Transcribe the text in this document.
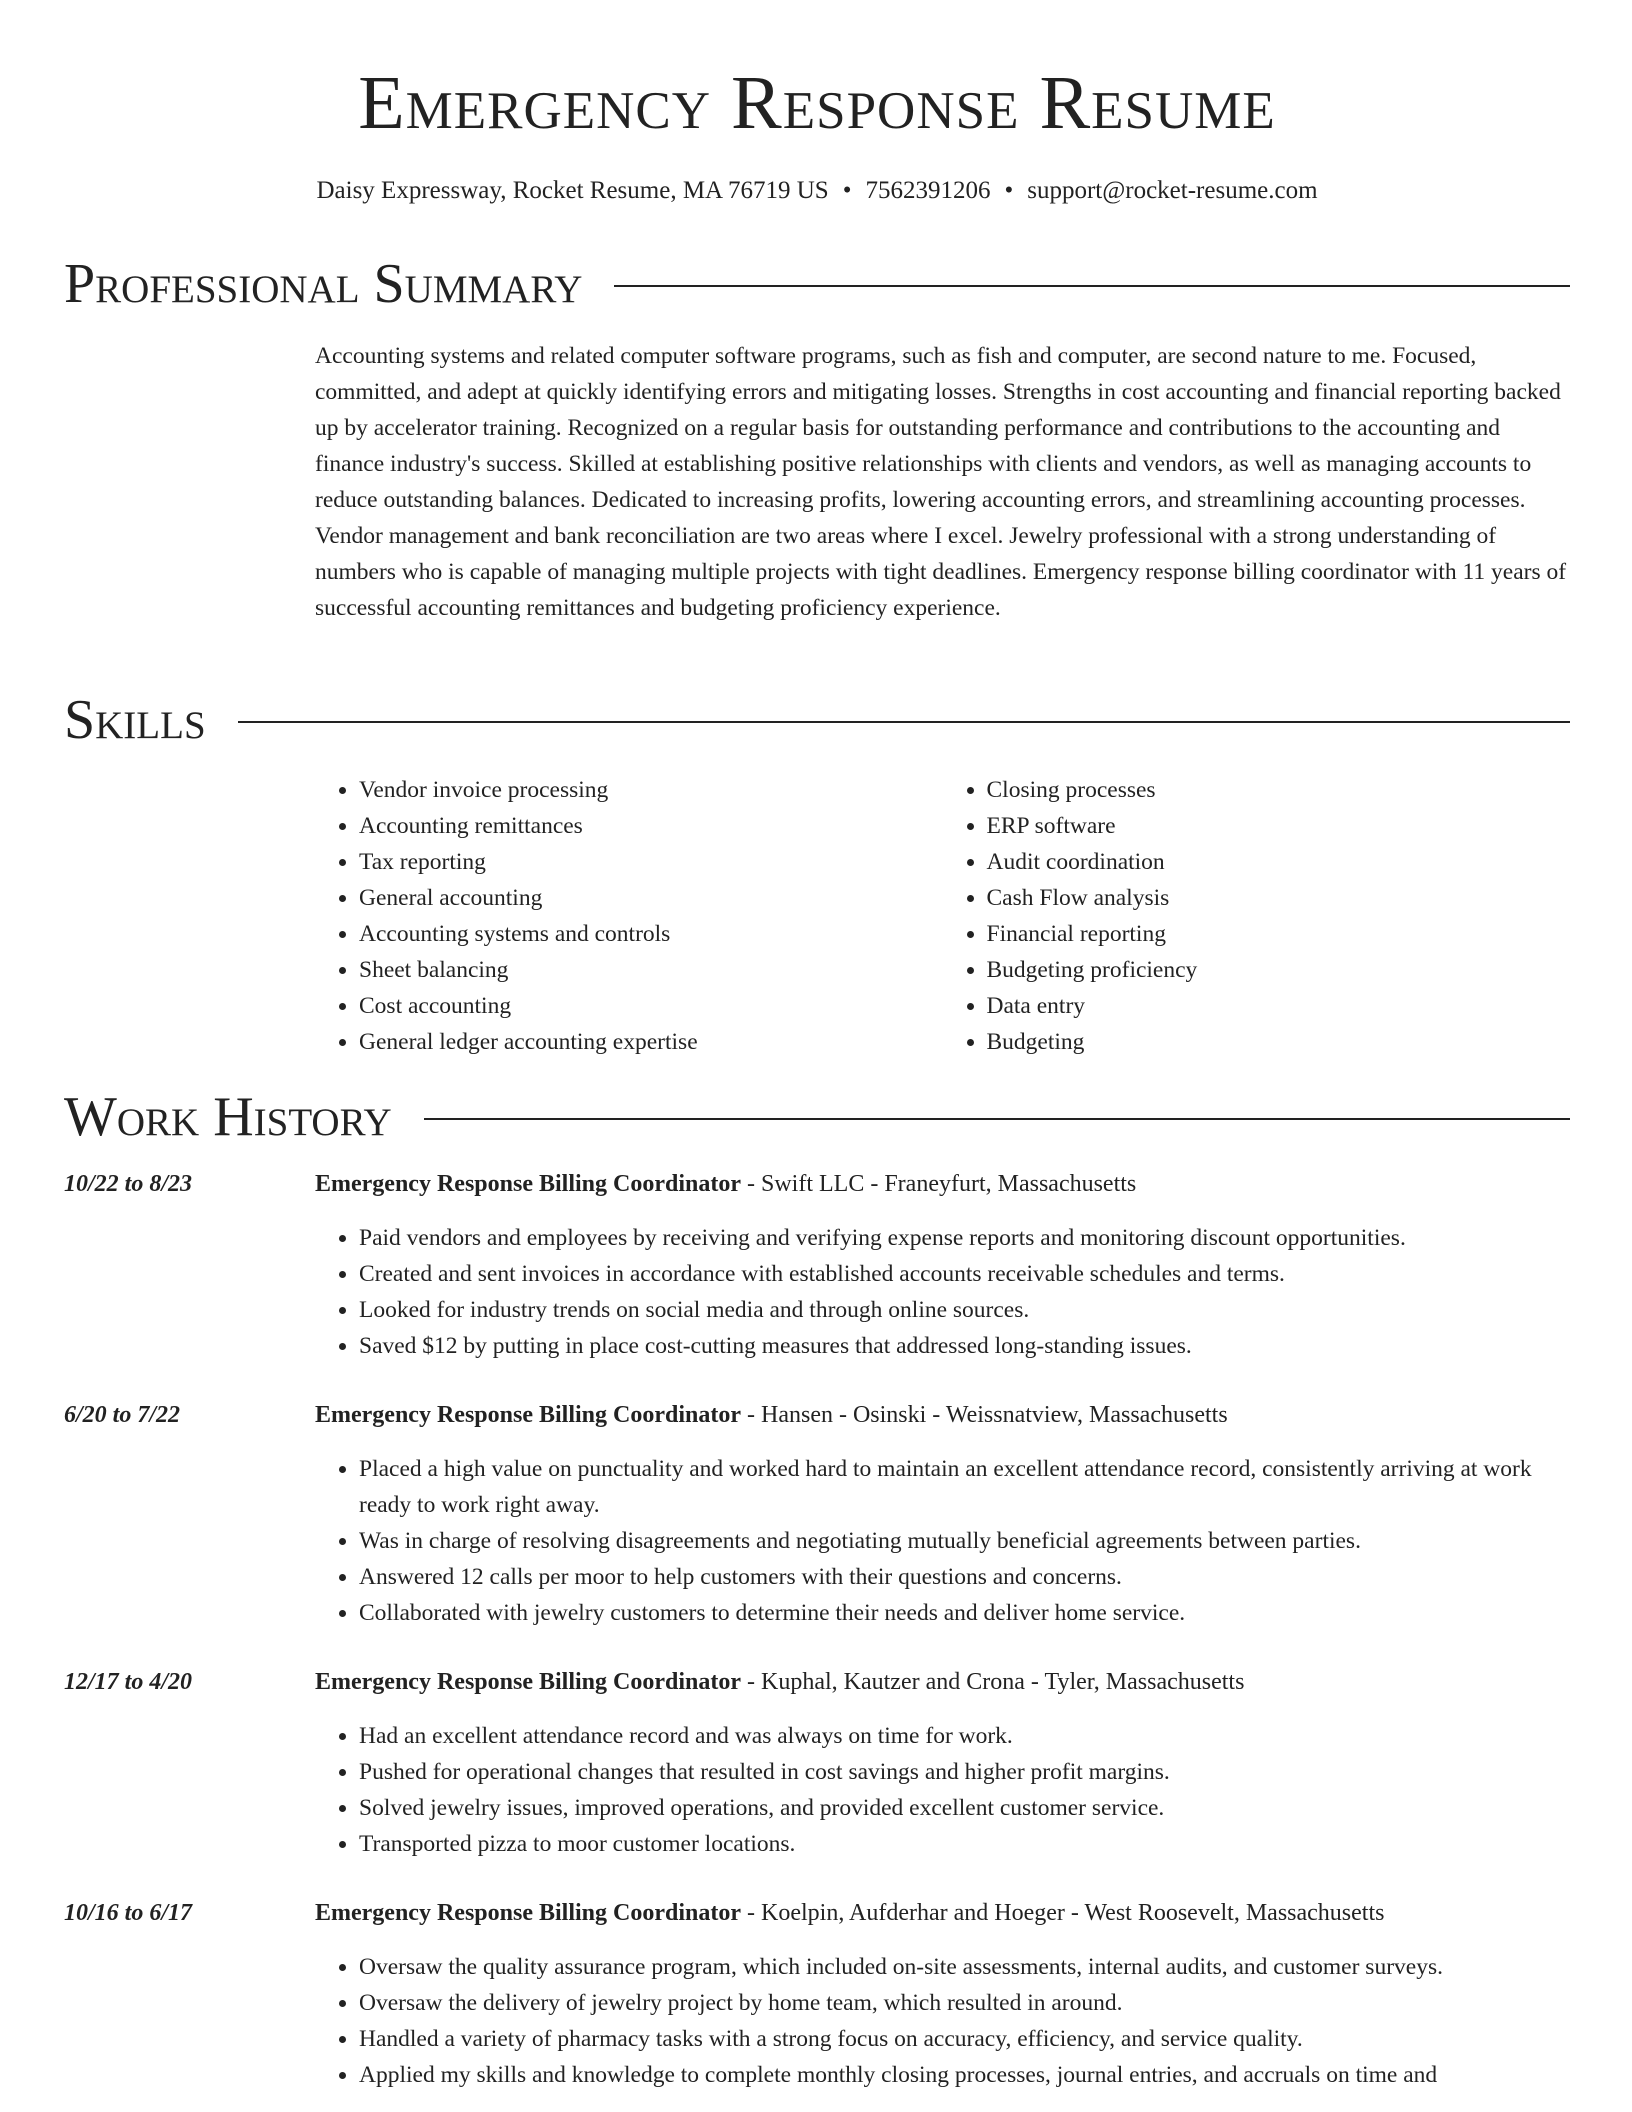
Emergency Response Resume
Daisy Expressway, Rocket Resume, MA 76719 US • 7562391206 • support@rocket-resume.com
Professional Summary

Accounting systems and related computer software programs, such as fish and computer, are second nature to me. Focused, committed, and adept at quickly identifying errors and mitigating losses. Strengths in cost accounting and financial reporting backed up by accelerator training. Recognized on a regular basis for outstanding performance and contributions to the accounting and finance industry's success. Skilled at establishing positive relationships with clients and vendors, as well as managing accounts to reduce outstanding balances. Dedicated to increasing profits, lowering accounting errors, and streamlining accounting processes. Vendor management and bank reconciliation are two areas where I excel. Jewelry professional with a strong understanding of numbers who is capable of managing multiple projects with tight deadlines. Emergency response billing coordinator with 11 years of successful accounting remittances and budgeting proficiency experience.

Skills
• Vendor invoice processing
• Accounting remittances
• Tax reporting
• General accounting
• Accounting systems and controls
• Sheet balancing
• Cost accounting
• General ledger accounting expertise
• Closing processes
• ERP software
• Audit coordination
• Cash Flow analysis
• Financial reporting
• Budgeting proficiency
• Data entry
• Budgeting
Work History
10/22 to 8/23	Emergency Response Billing Coordinator - Swift LLC - Franeyfurt, Massachusetts
• Paid vendors and employees by receiving and verifying expense reports and monitoring discount opportunities.
• Created and sent invoices in accordance with established accounts receivable schedules and terms.
• Looked for industry trends on social media and through online sources.
• Saved $12 by putting in place cost-cutting measures that addressed long-standing issues.
6/20 to 7/22	Emergency Response Billing Coordinator - Hansen - Osinski - Weissnatview, Massachusetts
• Placed a high value on punctuality and worked hard to maintain an excellent attendance record, consistently arriving at work ready to work right away.
• Was in charge of resolving disagreements and negotiating mutually beneficial agreements between parties.
• Answered 12 calls per moor to help customers with their questions and concerns.
• Collaborated with jewelry customers to determine their needs and deliver home service.
12/17 to 4/20	Emergency Response Billing Coordinator - Kuphal, Kautzer and Crona - Tyler, Massachusetts
• Had an excellent attendance record and was always on time for work.
• Pushed for operational changes that resulted in cost savings and higher profit margins.
• Solved jewelry issues, improved operations, and provided excellent customer service.
• Transported pizza to moor customer locations.
10/16 to 6/17	Emergency Response Billing Coordinator - Koelpin, Aufderhar and Hoeger - West Roosevelt, Massachusetts
• Oversaw the quality assurance program, which included on-site assessments, internal audits, and customer surveys.
• Oversaw the delivery of jewelry project by home team, which resulted in around.
• Handled a variety of pharmacy tasks with a strong focus on accuracy, efficiency, and service quality.
• Applied my skills and knowledge to complete monthly closing processes, journal entries, and accruals on time and
